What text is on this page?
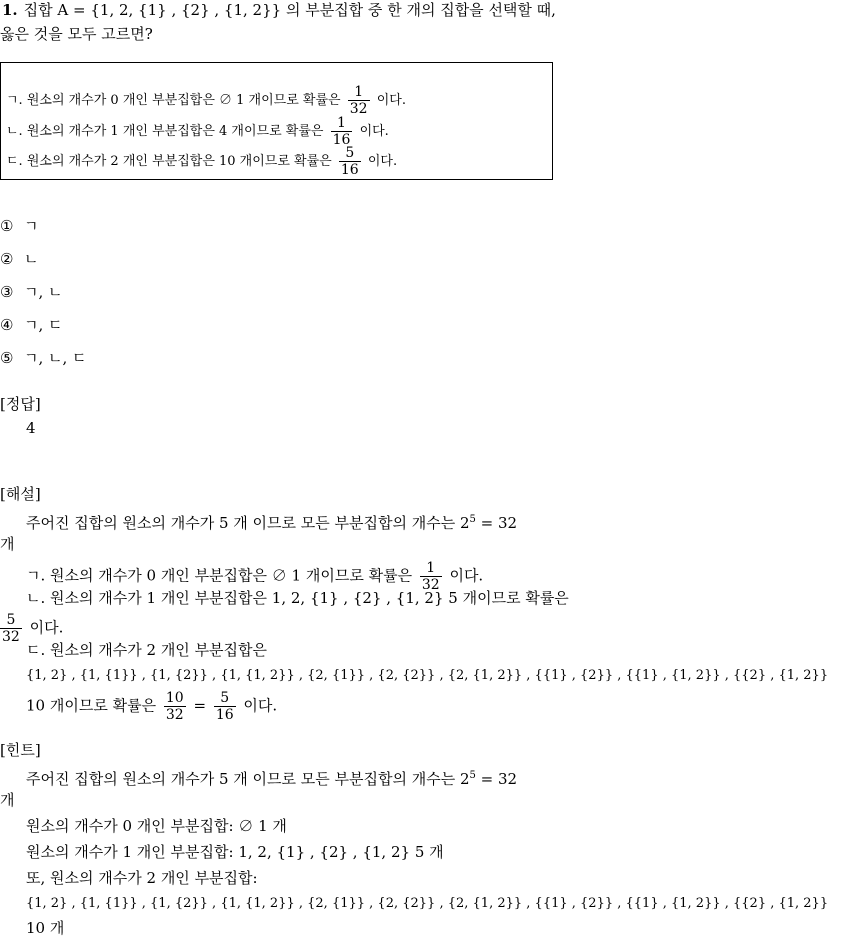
1. 집합 A = {1, 2, {1} , {2} , {1, 2}} 의 부분집합 중 한 개의 집합을 선택할 때,
옳은 것을 모두 고르면?
ㄱ. 원소의 개수가 0 개인 부분집합은 ∅ 1 개이므로 확률은 $\frac{1}{32}$ 이다.
ㄴ. 원소의 개수가 1 개인 부분집합은 4 개이므로 확률은 $\frac{1}{16}$ 이다.
ㄷ. 원소의 개수가 2 개인 부분집합은 10 개이므로 확률은 $\frac{5}{16}$ 이다.
① ㄱ
② ㄴ
③ ㄱ, ㄴ
④ ㄱ, ㄷ
⑤ ㄱ, ㄴ, ㄷ
[정답]
4
[해설]
주어진 집합의 원소의 개수가 5 개 이므로 모든 부분집합의 개수는 $2^5 = 32$
개
ㄱ. 원소의 개수가 0 개인 부분집합은 ∅ 1 개이므로 확률은 $\frac{1}{32}$ 이다.
ㄴ. 원소의 개수가 1 개인 부분집합은 1, 2, {1} , {2} , {1, 2} 5 개이므로 확률은
$\frac{5}{32}$ 이다.
ㄷ. 원소의 개수가 2 개인 부분집합은
{1, 2} , {1, {1}} , {1, {2}} , {1, {1, 2}} , {2, {1}} , {2, {2}} , {2, {1, 2}} , {{1} , {2}} , {{1} , {1, 2}} , {{2} , {1, 2}}
10 개이므로 확률은 $\frac{10}{32} = \frac{5}{16}$ 이다.
[힌트]
주어진 집합의 원소의 개수가 5 개 이므로 모든 부분집합의 개수는 $2^5 = 32$
개
원소의 개수가 0 개인 부분집합: ∅ 1 개
원소의 개수가 1 개인 부분집합: 1, 2, {1} , {2} , {1, 2} 5 개
또, 원소의 개수가 2 개인 부분집합:
{1, 2} , {1, {1}} , {1, {2}} , {1, {1, 2}} , {2, {1}} , {2, {2}} , {2, {1, 2}} , {{1} , {2}} , {{1} , {1, 2}} , {{2} , {1, 2}}
10 개
